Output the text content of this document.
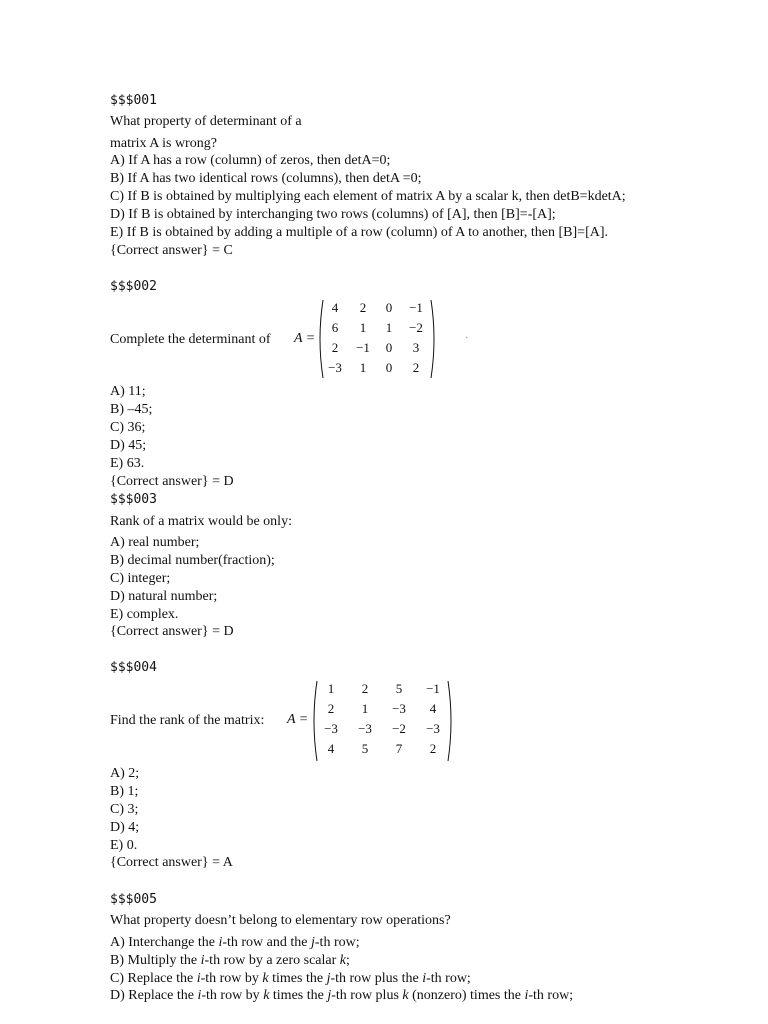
$$$001
What property of determinant of a
matrix A is wrong?
A) If A has a row (column) of zeros, then detA=0;
B) If A has two identical rows (columns), then detA =0;
C) If B is obtained by multiplying each element of matrix A by a scalar k, then detB=kdetA;
D) If B is obtained by interchanging two rows (columns) of [A], then [B]=-[A];
E) If B is obtained by adding a multiple of a row (column) of A to another, then [B]=[A].
{Correct answer} = C
$$$002
Complete the determinant of A =
4	2	0	−1
6	1	1	−2
2	−1	0	3
−3	1	0	2
·
A) 11;
B) –45;
C) 36;
D) 45;
E) 63.
{Correct answer} = D
$$$003
Rank of a matrix would be only:
A) real number;
B) decimal number(fraction);
C) integer;
D) natural number;
E) complex.
{Correct answer} = D
$$$004
Find the rank of the matrix: A =
1	2	5	−1
2	1	−3	4
−3	−3	−2	−3
4	5	7	2
A) 2;
B) 1;
C) 3;
D) 4;
E) 0.
{Correct answer} = A
$$$005
What property doesn’t belong to elementary row operations?
A) Interchange the i-th row and the j-th row;
B) Multiply the i-th row by a zero scalar k;
C) Replace the i-th row by k times the j-th row plus the i-th row;
D) Replace the i-th row by k times the j-th row plus k (nonzero) times the i-th row;
